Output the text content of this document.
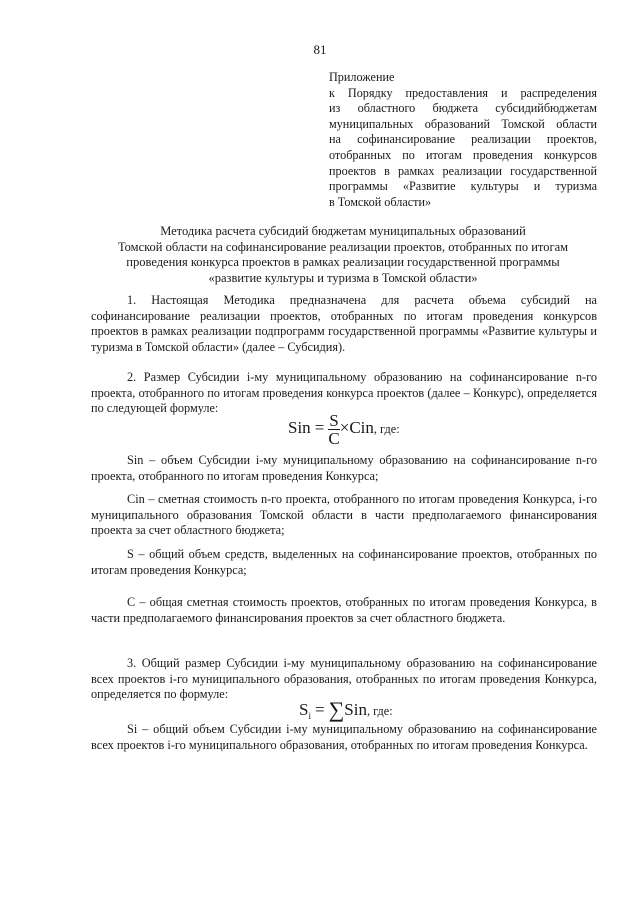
81
Приложение
к Порядку предоставления и распределения
из областного бюджета субсидийбюджетам
муниципальных образований Томской области
на софинансирование реализации проектов,
отобранных по итогам проведения конкурсов
проектов в рамках реализации государственной
программы «Развитие культуры и туризма
в Томской области»
Методика расчета субсидий бюджетам муниципальных образований
Томской области на софинансирование реализации проектов, отобранных по итогам
проведения конкурса проектов в рамках реализации государственной программы
«развитие культуры и туризма в Томской области»
1. Настоящая Методика предназначена для расчета объема субсидий на софинансирование реализации проектов, отобранных по итогам проведения конкурсов проектов в рамках реализации подпрограмм государственной программы «Развитие культуры и туризма в Томской области» (далее – Субсидия).
2. Размер Субсидии i-му муниципальному образованию на софинансирование n-го проекта, отобранного по итогам проведения конкурса проектов (далее – Конкурс), определяется по следующей формуле:
Sin = $\frac{S}{C} \times Cin$, где:
Sin – объем Субсидии i-му муниципальному образованию на софинансирование n-го проекта, отобранного по итогам проведения Конкурса;
Cin – сметная стоимость n-го проекта, отобранного по итогам проведения Конкурса, i-го муниципального образования Томской области в части предполагаемого финансирования проекта за счет областного бюджета;
S – общий объем средств, выделенных на софинансирование проектов, отобранных по итогам проведения Конкурса;
C – общая сметная стоимость проектов, отобранных по итогам проведения Конкурса, в части предполагаемого финансирования проектов за счет областного бюджета.
3. Общий размер Субсидии i-му муниципальному образованию на софинансирование всех проектов i-го муниципального образования, отобранных по итогам проведения Конкурса, определяется по формуле:
$S_i = \sum Sin$, где:
Si – общий объем Субсидии i-му муниципальному образованию на софинансирование всех проектов i-го муниципального образования, отобранных по итогам проведения Конкурса.
